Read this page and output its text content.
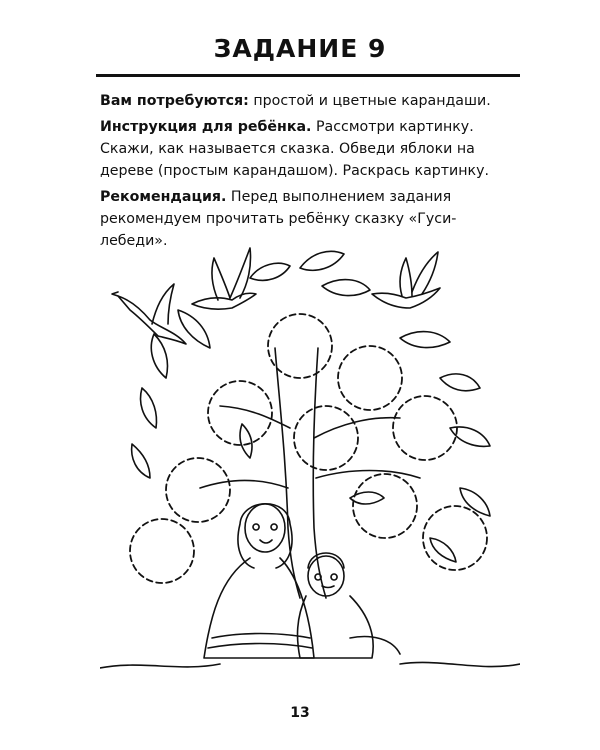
ЗАДАНИЕ 9

Вам потребуются: простой и цветные карандаши.

Инструкция для ребёнка. Рассмотри картинку. Скажи, как называется сказка. Обведи яблоки на дереве (простым карандашом). Раскрась картинку.

Рекомендация. Перед выполнением задания рекомендуем прочитать ребёнку сказку «Гуси-лебеди».

13
